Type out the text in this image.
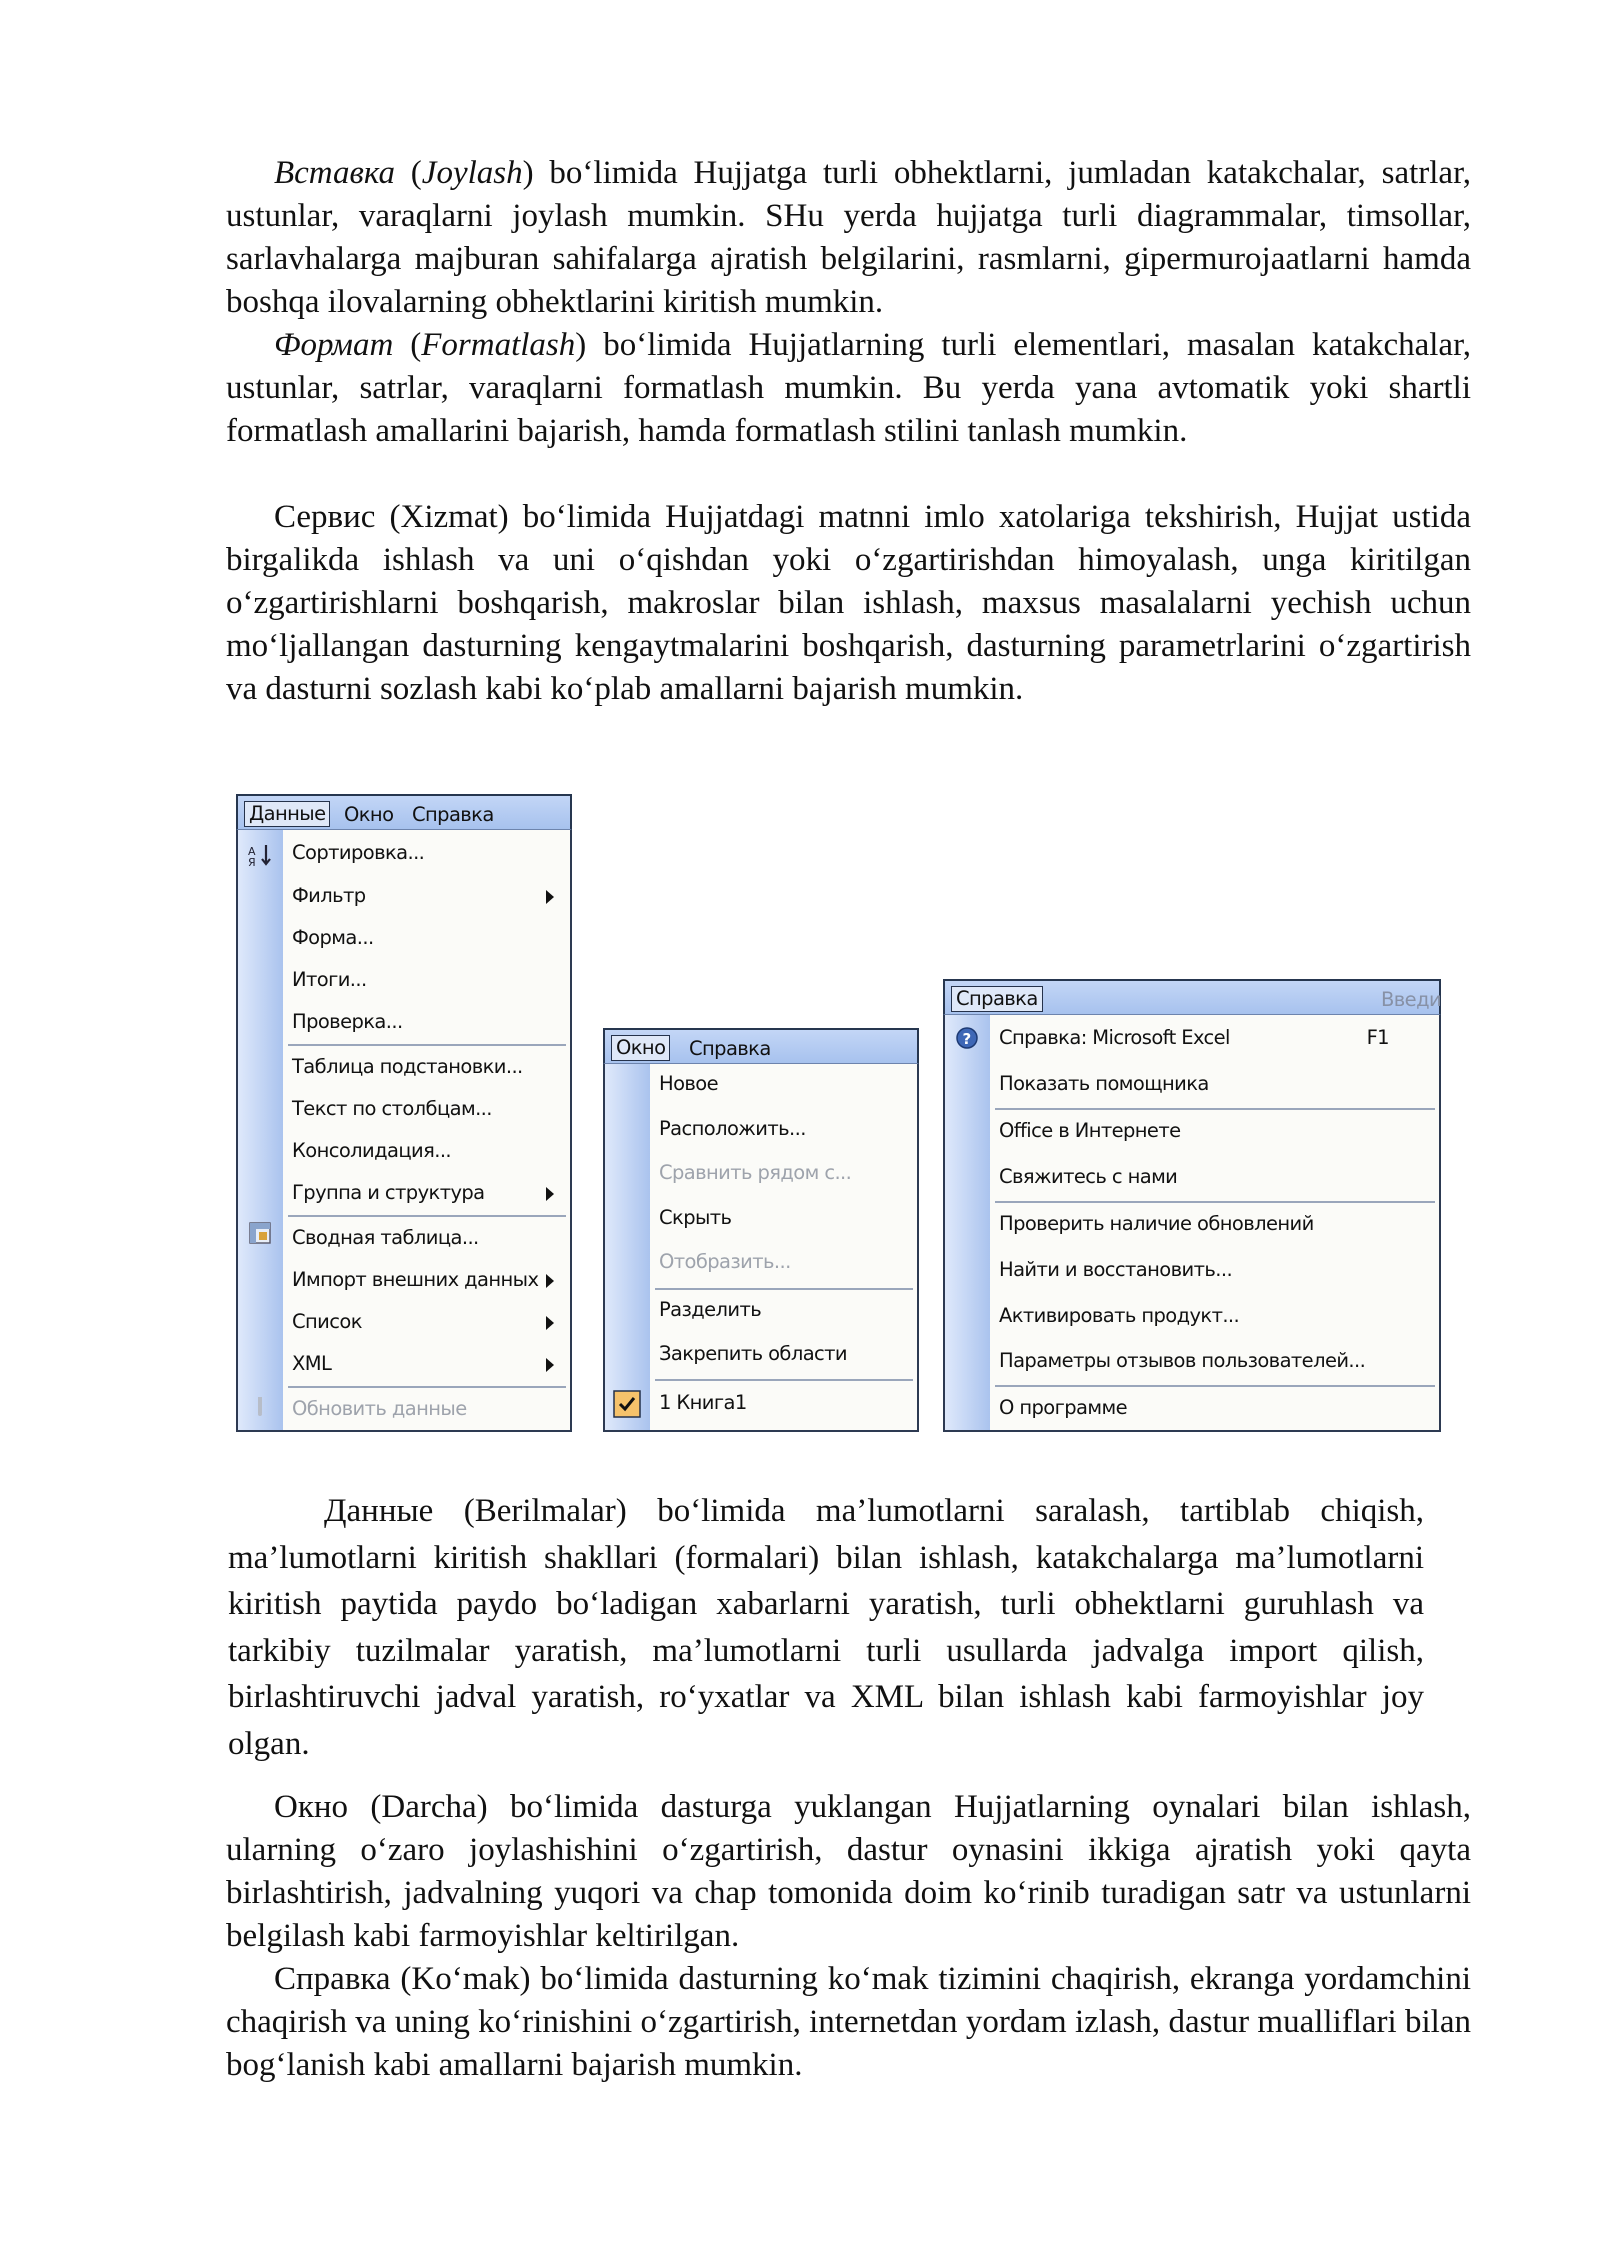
Вставка (Joylash) boʻlimida Hujjatga turli obhektlarni, jumladan katakchalar, satrlar, ustunlar, varaqlarni joylash mumkin. SHu yerda hujjatga turli diagrammalar, timsollar, sarlavhalarga majburan sahifalarga ajratish belgilarini, rasmlarni, gipermurojaatlarni hamda boshqa ilovalarning obhektlarini kiritish mumkin.

Формат (Formatlash) boʻlimida Hujjatlarning turli elementlari, masalan katakchalar, ustunlar, satrlar, varaqlarni formatlash mumkin. Bu yerda yana avtomatik yoki shartli formatlash amallarini bajarish, hamda formatlash stilini tanlash mumkin.

Сервис (Xizmat) boʻlimida Hujjatdagi matnni imlo xatolariga tekshirish, Hujjat ustida birgalikda ishlash va uni oʻqishdan yoki oʻzgartirishdan himoyalash, unga kiritilgan oʻzgartirishlarni boshqarish, makroslar bilan ishlash, maxsus masalalarni yechish uchun moʻljallangan dasturning kengaytmalarini boshqarish, dasturning parametrlarini oʻzgartirish va dasturni sozlash kabi koʻplab amallarni bajarish mumkin.

Данные Окно Справка
A
Я Сортировка...
Фильтр
Форма...
Итоги...
Проверка...
Таблица подстановки...
Текст по столбцам...
Консолидация...
Группа и структура
Сводная таблица...
Импорт внешних данных
Список
XML
Обновить данные
Окно Справка
Новое
Расположить...
Сравнить рядом с...
Скрыть
Отобразить...
Разделить
Закрепить области
1 Книга1
Справка	Введи
? Справка: Microsoft Excel	F1
Показать помощника
Office в Интернете
Свяжитесь с нами
Проверить наличие обновлений
Найти и восстановить...
Активировать продукт...
Параметры отзывов пользователей...
О программе

Данные (Berilmalar) boʻlimida ma’lumotlarni saralash, tartiblab chiqish, ma’lumotlarni kiritish shakllari (formalari) bilan ishlash, katakchalarga ma’lumotlarni kiritish paytida paydo boʻladigan xabarlarni yaratish, turli obhektlarni guruhlash va tarkibiy tuzilmalar yaratish, ma’lumotlarni turli usullarda jadvalga import qilish, birlashtiruvchi jadval yaratish, roʻyxatlar va XML bilan ishlash kabi farmoyishlar joy olgan.

Окно (Darcha) boʻlimida dasturga yuklangan Hujjatlarning oynalari bilan ishlash, ularning oʻzaro joylashishini oʻzgartirish, dastur oynasini ikkiga ajratish yoki qayta birlashtirish, jadvalning yuqori va chap tomonida doim koʻrinib turadigan satr va ustunlarni belgilash kabi farmoyishlar keltirilgan.

Справка (Koʻmak) boʻlimida dasturning koʻmak tizimini chaqirish, ekranga yordamchini chaqirish va uning koʻrinishini oʻzgartirish, internetdan yordam izlash, dastur mualliflari bilan bogʻlanish kabi amallarni bajarish mumkin.
